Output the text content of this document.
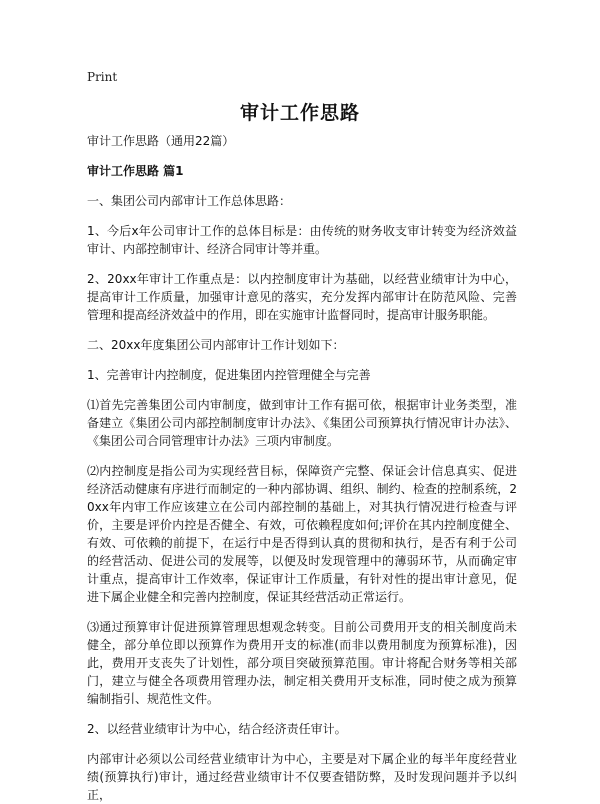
Print
审计工作思路

审计工作思路（通用22篇）

审计工作思路 篇1

一、集团公司内部审计工作总体思路：

1、今后x年公司审计工作的总体目标是：由传统的财务收支审计转变为经济效益审计、内部控制审计、经济合同审计等并重。

2、20xx年审计工作重点是：以内控制度审计为基础，以经营业绩审计为中心，提高审计工作质量，加强审计意见的落实，充分发挥内部审计在防范风险、完善管理和提高经济效益中的作用，即在实施审计监督同时，提高审计服务职能。

二、20xx年度集团公司内部审计工作计划如下：

1、完善审计内控制度，促进集团内控管理健全与完善

⑴首先完善集团公司内审制度，做到审计工作有据可依，根据审计业务类型，准备建立《集团公司内部控制制度审计办法》、《集团公司预算执行情况审计办法》、《集团公司合同管理审计办法》三项内审制度。

⑵内控制度是指公司为实现经营目标，保障资产完整、保证会计信息真实、促进经济活动健康有序进行而制定的一种内部协调、组织、制约、检查的控制系统，20xx年内审工作应该建立在公司内部控制的基础上，对其执行情况进行检查与评价，主要是评价内控是否健全、有效，可依赖程度如何;评价在其内控制度健全、有效、可依赖的前提下，在运行中是否得到认真的贯彻和执行，是否有利于公司的经营活动、促进公司的发展等，以便及时发现管理中的薄弱环节，从而确定审计重点，提高审计工作效率，保证审计工作质量，有针对性的提出审计意见，促进下属企业健全和完善内控制度，保证其经营活动正常运行。

⑶通过预算审计促进预算管理思想观念转变。目前公司费用开支的相关制度尚未健全，部分单位即以预算作为费用开支的标准(而非以费用制度为预算标准)，因此，费用开支丧失了计划性，部分项目突破预算范围。审计将配合财务等相关部门，建立与健全各项费用管理办法，制定相关费用开支标准，同时使之成为预算编制指引、规范性文件。

2、以经营业绩审计为中心，结合经济责任审计。

内部审计必须以公司经营业绩审计为中心，主要是对下属企业的每半年度经营业绩(预算执行)审计，通过经营业绩审计不仅要查错防弊，及时发现问题并予以纠正，
